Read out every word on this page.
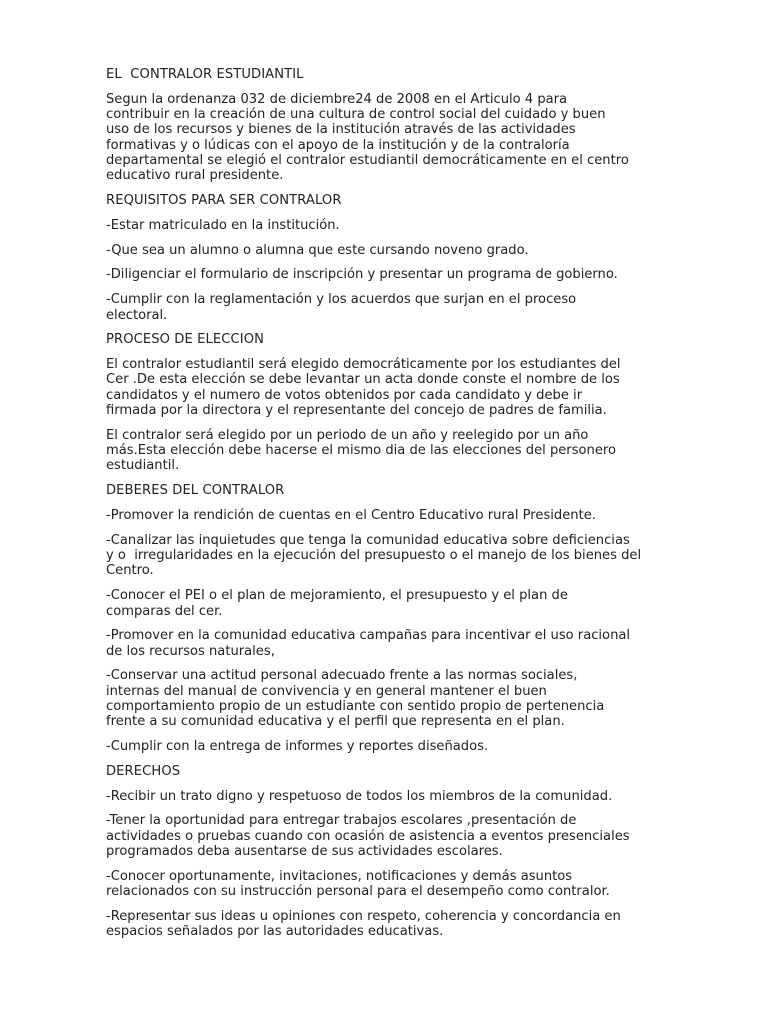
EL  CONTRALOR ESTUDIANTIL

Segun la ordenanza 032 de diciembre24 de 2008 en el Articulo 4 para
contribuir en la creación de una cultura de control social del cuidado y buen
uso de los recursos y bienes de la institución através de las actividades
formativas y o lúdicas con el apoyo de la institución y de la contraloría
departamental se elegió el contralor estudiantil democráticamente en el centro
educativo rural presidente.

REQUISITOS PARA SER CONTRALOR

-Estar matriculado en la institución.

-Que sea un alumno o alumna que este cursando noveno grado.

-Diligenciar el formulario de inscripción y presentar un programa de gobierno.

-Cumplir con la reglamentación y los acuerdos que surjan en el proceso
electoral.

PROCESO DE ELECCION

El contralor estudiantil será elegido democráticamente por los estudiantes del
Cer .De esta elección se debe levantar un acta donde conste el nombre de los
candidatos y el numero de votos obtenidos por cada candidato y debe ir
firmada por la directora y el representante del concejo de padres de familia.

El contralor será elegido por un periodo de un año y reelegido por un año
más.Esta elección debe hacerse el mismo dia de las elecciones del personero
estudiantil.

DEBERES DEL CONTRALOR

-Promover la rendición de cuentas en el Centro Educativo rural Presidente.

-Canalizar las inquietudes que tenga la comunidad educativa sobre deficiencias
y o  irregularidades en la ejecución del presupuesto o el manejo de los bienes del
Centro.

-Conocer el PEI o el plan de mejoramiento, el presupuesto y el plan de
comparas del cer.

-Promover en la comunidad educativa campañas para incentivar el uso racional
de los recursos naturales,

-Conservar una actitud personal adecuado frente a las normas sociales,
internas del manual de convivencia y en general mantener el buen
comportamiento propio de un estudiante con sentido propio de pertenencia
frente a su comunidad educativa y el perfil que representa en el plan.

-Cumplir con la entrega de informes y reportes diseñados.

DERECHOS

-Recibir un trato digno y respetuoso de todos los miembros de la comunidad.

-Tener la oportunidad para entregar trabajos escolares ,presentación de
actividades o pruebas cuando con ocasión de asistencia a eventos presenciales
programados deba ausentarse de sus actividades escolares.

-Conocer oportunamente, invitaciones, notificaciones y demás asuntos
relacionados con su instrucción personal para el desempeño como contralor.

-Representar sus ideas u opiniones con respeto, coherencia y concordancia en
espacios señalados por las autoridades educativas.
